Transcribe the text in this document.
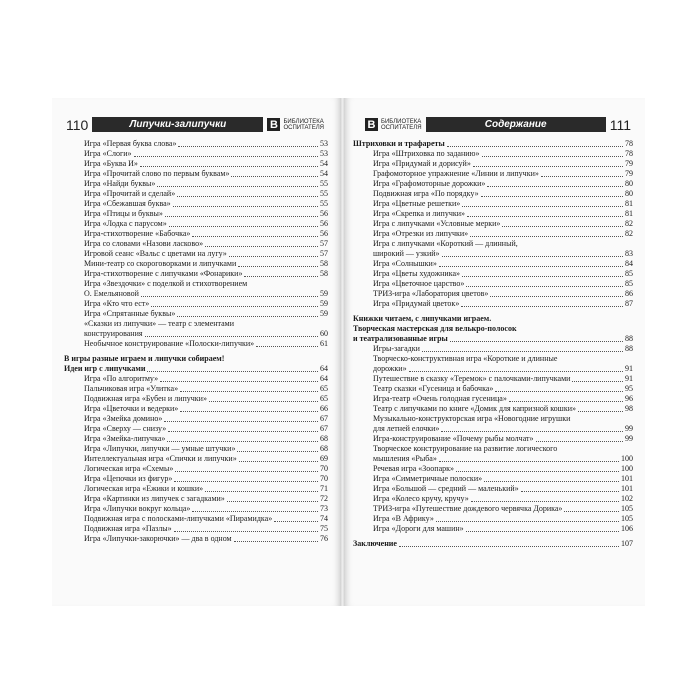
110	Липучки-залипучки	В БИБЛИОТЕКА
ОСПИТАТЕЛЯ
Игра «Первая буква слова»	53
Игра «Слоги»	53
Игра «Буква И»	54
Игра «Прочитай слово по первым буквам»	54
Игра «Найди буквы»	55
Игра «Прочитай и сделай»	55
Игра «Сбежавшая буква»	55
Игра «Птицы и буквы»	56
Игра «Лодка с парусом»	56
Игра-стихотворение «Бабочка»	56
Игра со словами «Назови ласково»	57
Игровой сеанс «Вальс с цветами на лугу»	57
Мини-театр со скороговорками и липучками	58
Игра-стихотворение с липучками «Фонарики»	58
Игра «Звездочки» с поделкой и стихотворением
О. Емельяновой	59
Игра «Кто что ест»	59
Игра «Спрятанные буквы»	59
«Сказки из липучки» — театр с элементами
конструирования	60
Необычное конструирование «Полоски-липучки»	61
В игры разные играем и липучки собираем!
Идеи игр с липучками	64
Игра «По алгоритму»	64
Пальчиковая игра «Улитка»	65
Подвижная игра «Бубен и липучки»	65
Игра «Цветочки и ведерки»	66
Игра «Змейка домино»	67
Игра «Сверху — снизу»	67
Игра «Змейка-липучка»	68
Игра «Липучки, липучки — умные штучки»	68
Интеллектуальная игра «Спички и липучки»	69
Логическая игра «Схемы»	70
Игра «Цепочки из фигур»	70
Логическая игра «Ежики и кошки»	71
Игра «Картинки из липучек с загадками»	72
Игра «Липучки вокруг кольца»	73
Подвижная игра с полосками-липучками «Пирамидка»	74
Подвижная игра «Пазлы»	75
Игра «Липучки-закорючки» — два в одном	76
В БИБЛИОТЕКА
ОСПИТАТЕЛЯ	Содержание	111
Штриховки и трафареты	78
Игра «Штриховка по заданию»	78
Игра «Придумай и дорисуй»	79
Графомоторное упражнение «Линии и липучки»	79
Игра «Графомоторные дорожки»	80
Подвижная игра «По порядку»	80
Игра «Цветные решетки»	81
Игра «Скрепка и липучки»	81
Игра с липучками «Условные мерки»	82
Игра «Отрезки из липучки»	82
Игра с липучками «Короткий — длинный,
широкий — узкий»	83
Игра «Солнышки»	84
Игра «Цветы художника»	85
Игра «Цветочное царство»	85
ТРИЗ-игра «Лаборатория цветов»	86
Игра «Придумай цветок»	87
Книжки читаем, с липучками играем.
Творческая мастерская для велькро-полосок
и театрализованные игры	88
Игры-загадки	88
Творческо-конструктивная игра «Короткие и длинные
дорожки»	91
Путешествие в сказку «Теремок» с палочками-липучками	91
Театр сказки «Гусеница и бабочка»	95
Игра-театр «Очень голодная гусеница»	96
Театр с липучками по книге «Домик для капризной кошки»	98
Музыкально-конструкторская игра «Новогодние игрушки
для летней елочки»	99
Игра-конструирование «Почему рыбы молчат»	99
Творческое конструирование на развитие логического
мышления «Рыба»	100
Речевая игра «Зоопарк»	100
Игра «Симметричные полоски»	101
Игра «Большой — средний — маленький»	101
Игра «Колесо кручу, кручу»	102
ТРИЗ-игра «Путешествие дождевого червячка Дорика»	105
Игра «В Африку»	105
Игра «Дороги для машин»	106
Заключение	107
